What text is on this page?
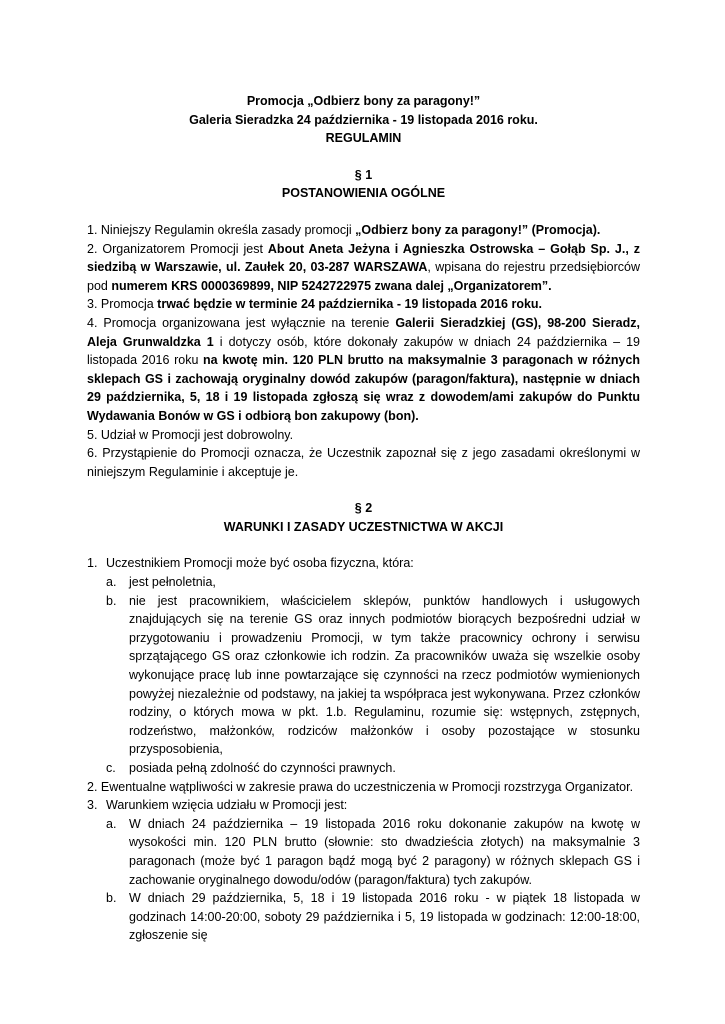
Promocja „Odbierz bony za paragony!”
Galeria Sieradzka 24 października - 19 listopada 2016 roku.
REGULAMIN
§ 1
POSTANOWIENIA OGÓLNE
1. Niniejszy Regulamin określa zasady promocji „Odbierz bony za paragony!” (Promocja).
2. Organizatorem Promocji jest About Aneta Jeżyna i Agnieszka Ostrowska – Gołąb Sp. J., z siedzibą w Warszawie, ul. Zaułek 20, 03-287 WARSZAWA, wpisana do rejestru przedsiębiorców pod numerem KRS 0000369899, NIP 5242722975 zwana dalej „Organizatorem”.
3. Promocja trwać będzie w terminie 24 października - 19 listopada 2016 roku.
4. Promocja organizowana jest wyłącznie na terenie Galerii Sieradzkiej (GS), 98-200 Sieradz, Aleja Grunwaldzka 1 i dotyczy osób, które dokonały zakupów w dniach 24 października – 19 listopada 2016 roku na kwotę min. 120 PLN brutto na maksymalnie 3 paragonach w różnych sklepach GS i zachowają oryginalny dowód zakupów (paragon/faktura), następnie w dniach 29 października, 5, 18 i 19 listopada zgłoszą się wraz z dowodem/ami zakupów do Punktu Wydawania Bonów w GS i odbiorą bon zakupowy (bon).
5. Udział w Promocji jest dobrowolny.
6. Przystąpienie do Promocji oznacza, że Uczestnik zapoznał się z jego zasadami określonymi w niniejszym Regulaminie i akceptuje je.
§ 2
WARUNKI I ZASADY UCZESTNICTWA W AKCJI
1. Uczestnikiem Promocji może być osoba fizyczna, która:
a.	jest pełnoletnia,
b.	nie jest pracownikiem, właścicielem sklepów, punktów handlowych i usługowych znajdujących się na terenie GS oraz innych podmiotów biorących bezpośredni udział w przygotowaniu i prowadzeniu Promocji, w tym także pracownicy ochrony i serwisu sprzątającego GS oraz członkowie ich rodzin. Za pracowników uważa się wszelkie osoby wykonujące pracę lub inne powtarzające się czynności na rzecz podmiotów wymienionych powyżej niezależnie od podstawy, na jakiej ta współpraca jest wykonywana. Przez członków rodziny, o których mowa w pkt. 1.b. Regulaminu, rozumie się: wstępnych, zstępnych, rodzeństwo, małżonków, rodziców małżonków i osoby pozostające w stosunku przysposobienia,
c.	posiada pełną zdolność do czynności prawnych.
2. Ewentualne wątpliwości w zakresie prawa do uczestniczenia w Promocji rozstrzyga Organizator.
3. Warunkiem wzięcia udziału w Promocji jest:
a.	W dniach 24 października – 19 listopada 2016 roku dokonanie zakupów na kwotę w wysokości min. 120 PLN brutto (słownie: sto dwadzieścia złotych) na maksymalnie 3 paragonach (może być 1 paragon bądź mogą być 2 paragony) w różnych sklepach GS i zachowanie oryginalnego dowodu/odów (paragon/faktura) tych zakupów.
b.	W dniach 29 października, 5, 18 i 19 listopada 2016 roku - w piątek 18 listopada w godzinach 14:00-20:00, soboty 29 października i 5, 19 listopada w godzinach: 12:00-18:00, zgłoszenie się
